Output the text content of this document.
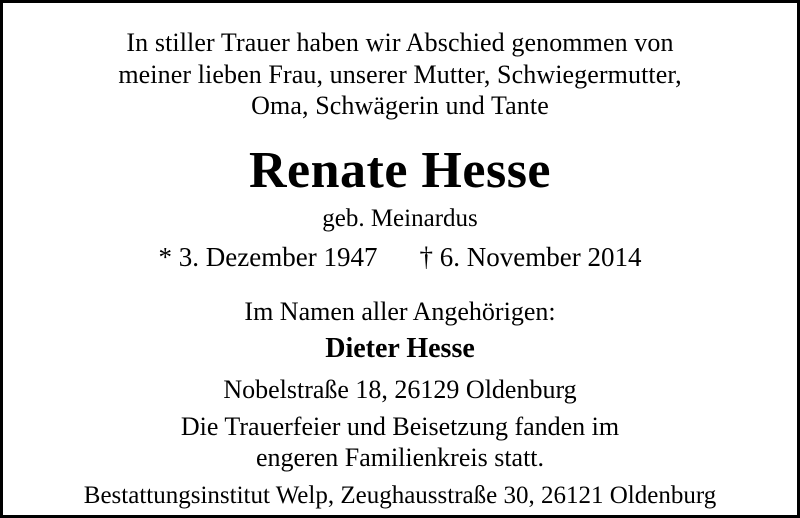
In stiller Trauer haben wir Abschied genommen von
meiner lieben Frau, unserer Mutter, Schwiegermutter,
Oma, Schwägerin und Tante
Renate Hesse
geb. Meinardus
* 3. Dezember 1947 † 6. November 2014
Im Namen aller Angehörigen:
Dieter Hesse
Nobelstraße 18, 26129 Oldenburg
Die Trauerfeier und Beisetzung fanden im
engeren Familienkreis statt.
Bestattungsinstitut Welp, Zeughausstraße 30, 26121 Oldenburg
